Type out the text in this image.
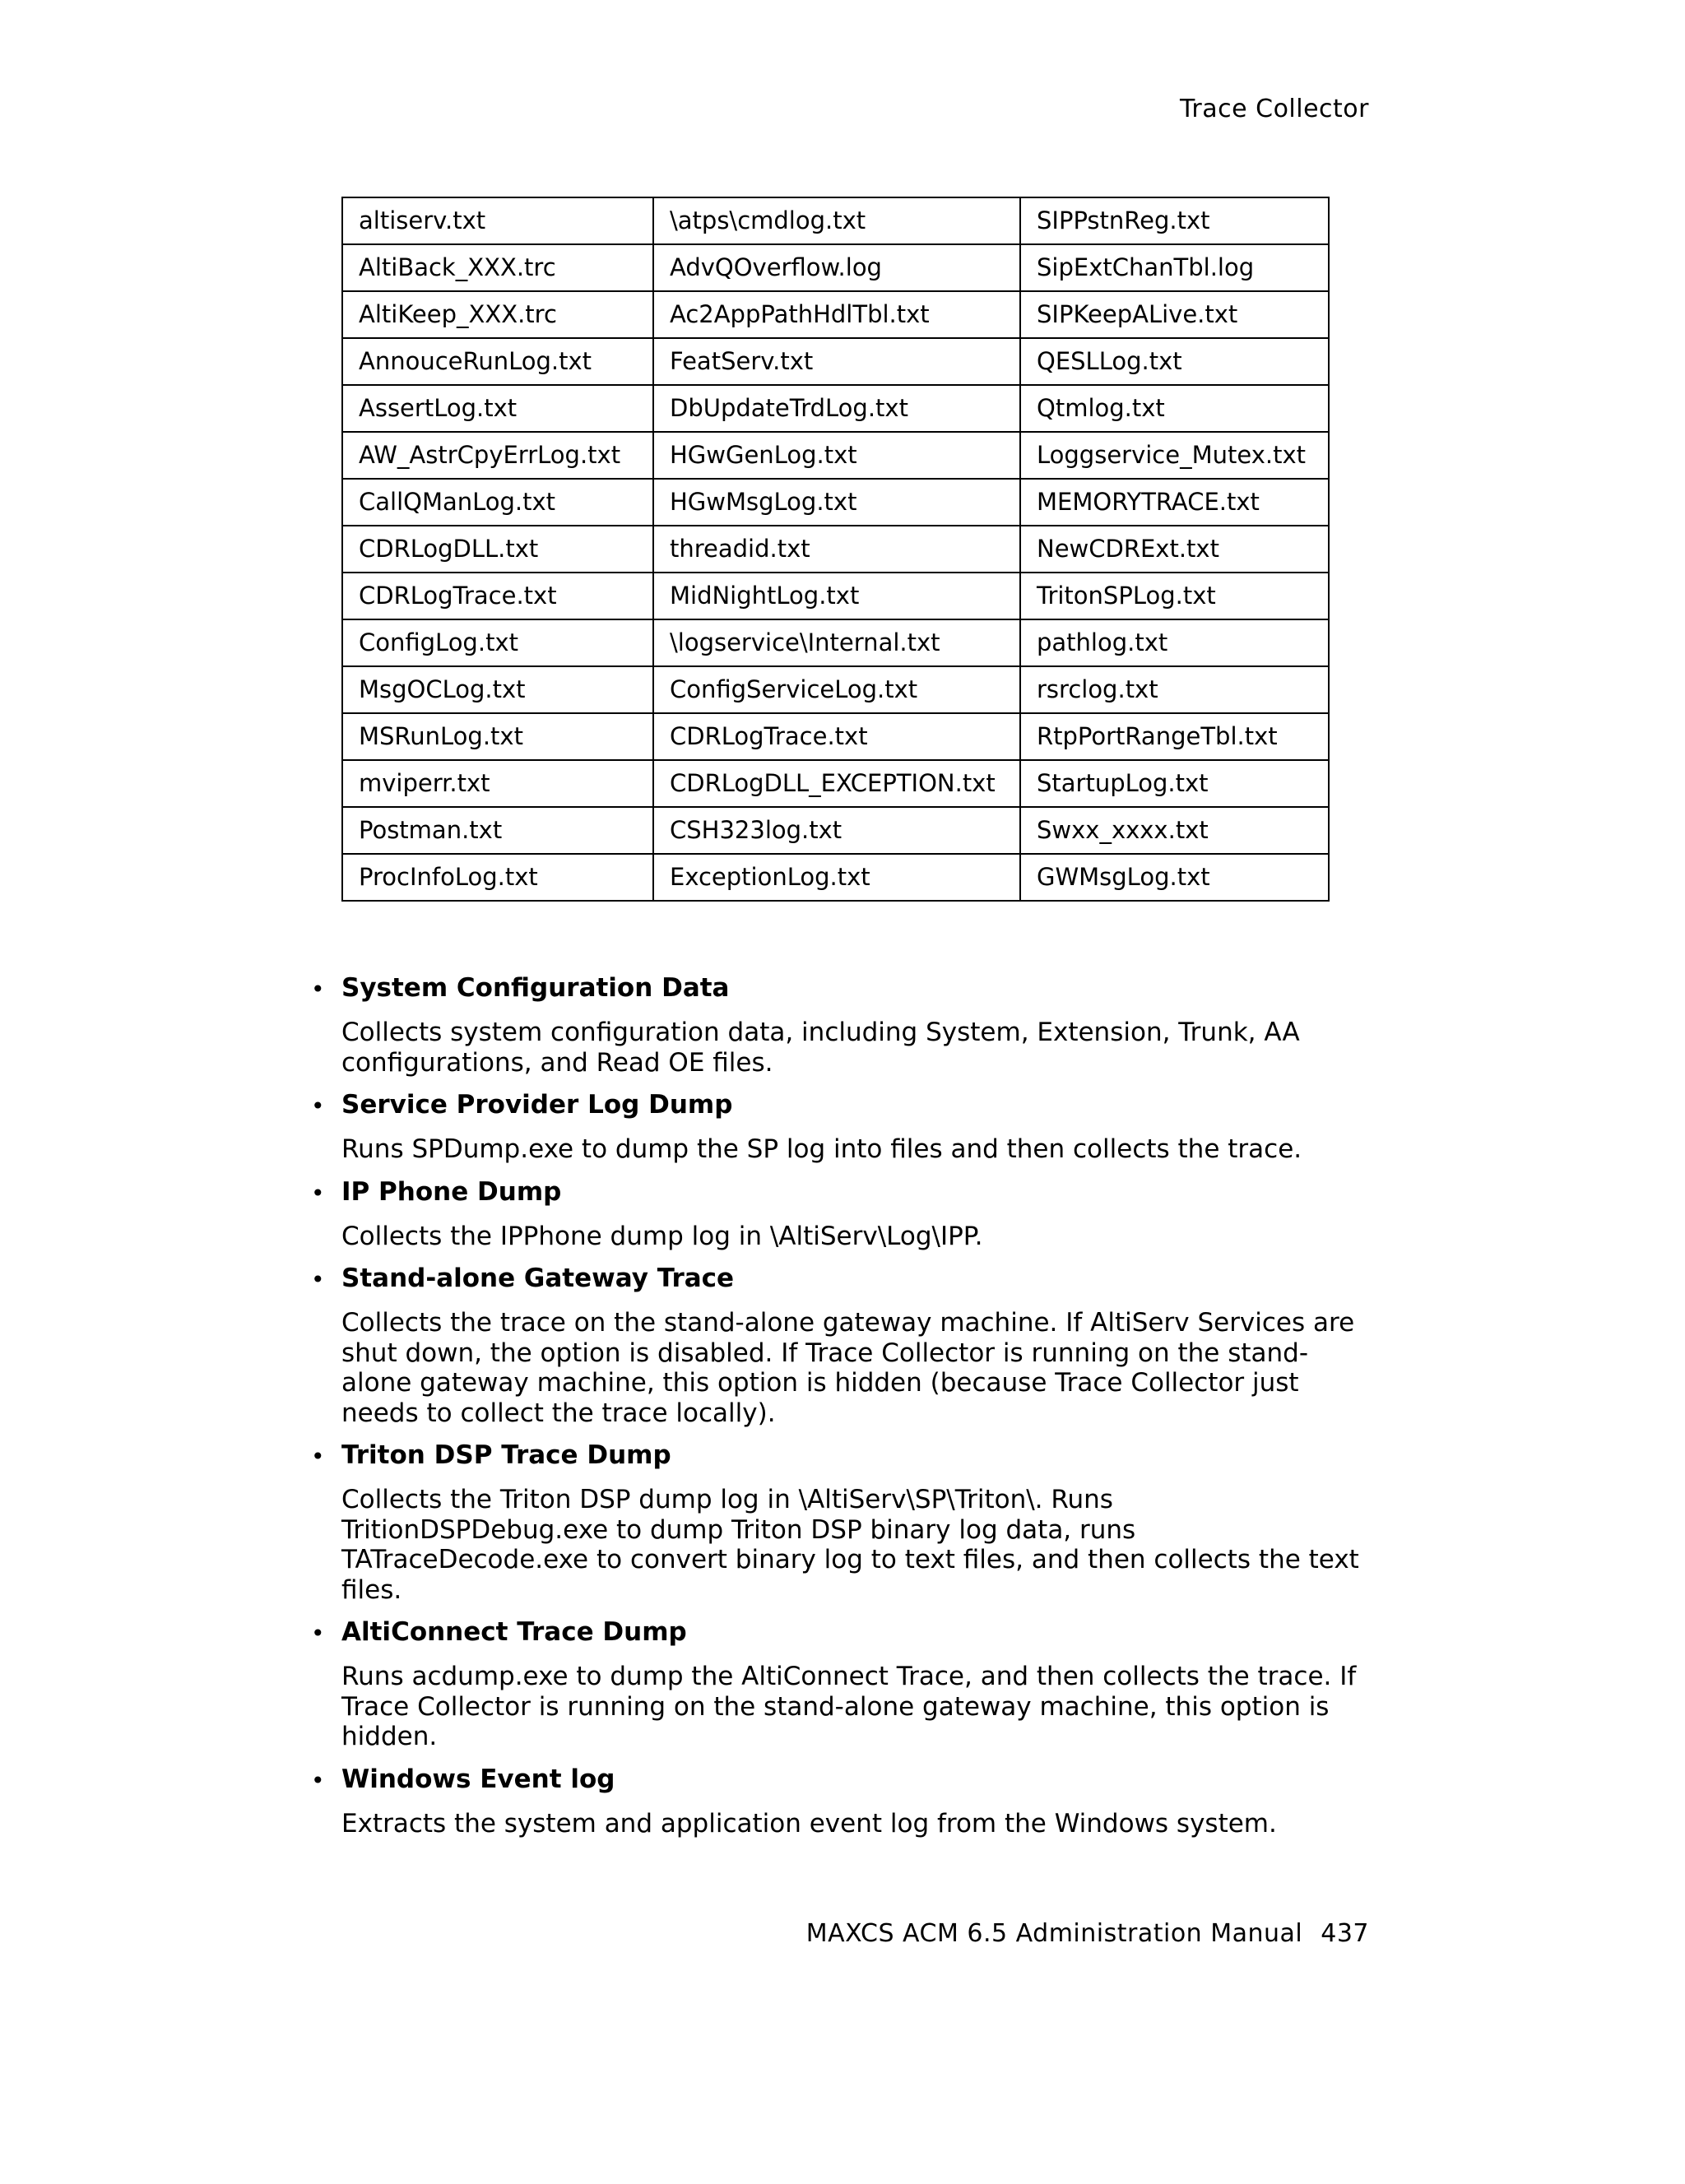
Trace Collector
altiserv.txt	\atps\cmdlog.txt	SIPPstnReg.txt
AltiBack_XXX.trc	AdvQOverflow.log	SipExtChanTbl.log
AltiKeep_XXX.trc	Ac2AppPathHdlTbl.txt	SIPKeepALive.txt
AnnouceRunLog.txt	FeatServ.txt	QESLLog.txt
AssertLog.txt	DbUpdateTrdLog.txt	Qtmlog.txt
AW_AstrCpyErrLog.txt	HGwGenLog.txt	Loggservice_Mutex.txt
CallQManLog.txt	HGwMsgLog.txt	MEMORYTRACE.txt
CDRLogDLL.txt	threadid.txt	NewCDRExt.txt
CDRLogTrace.txt	MidNightLog.txt	TritonSPLog.txt
ConfigLog.txt	\logservice\Internal.txt	pathlog.txt
MsgOCLog.txt	ConfigServiceLog.txt	rsrclog.txt
MSRunLog.txt	CDRLogTrace.txt	RtpPortRangeTbl.txt
mviperr.txt	CDRLogDLL_EXCEPTION.txt	StartupLog.txt
Postman.txt	CSH323log.txt	Swxx_xxxx.txt
ProcInfoLog.txt	ExceptionLog.txt	GWMsgLog.txt
• System Configuration Data
Collects system configuration data, including System, Extension, Trunk, AA configurations, and Read OE files.
• Service Provider Log Dump
Runs SPDump.exe to dump the SP log into files and then collects the trace.
• IP Phone Dump
Collects the IPPhone dump log in \AltiServ\Log\IPP.
• Stand-alone Gateway Trace
Collects the trace on the stand-alone gateway machine. If AltiServ Services are shut down, the option is disabled. If Trace Collector is running on the stand-alone gateway machine, this option is hidden (because Trace Collector just needs to collect the trace locally).
• Triton DSP Trace Dump
Collects the Triton DSP dump log in \AltiServ\SP\Triton\. Runs TritionDSPDebug.exe to dump Triton DSP binary log data, runs TATraceDecode.exe to convert binary log to text files, and then collects the text files.
• AltiConnect Trace Dump
Runs acdump.exe to dump the AltiConnect Trace, and then collects the trace. If Trace Collector is running on the stand-alone gateway machine, this option is hidden.
• Windows Event log
Extracts the system and application event log from the Windows system.
MAXCS ACM 6.5 Administration Manual 437
